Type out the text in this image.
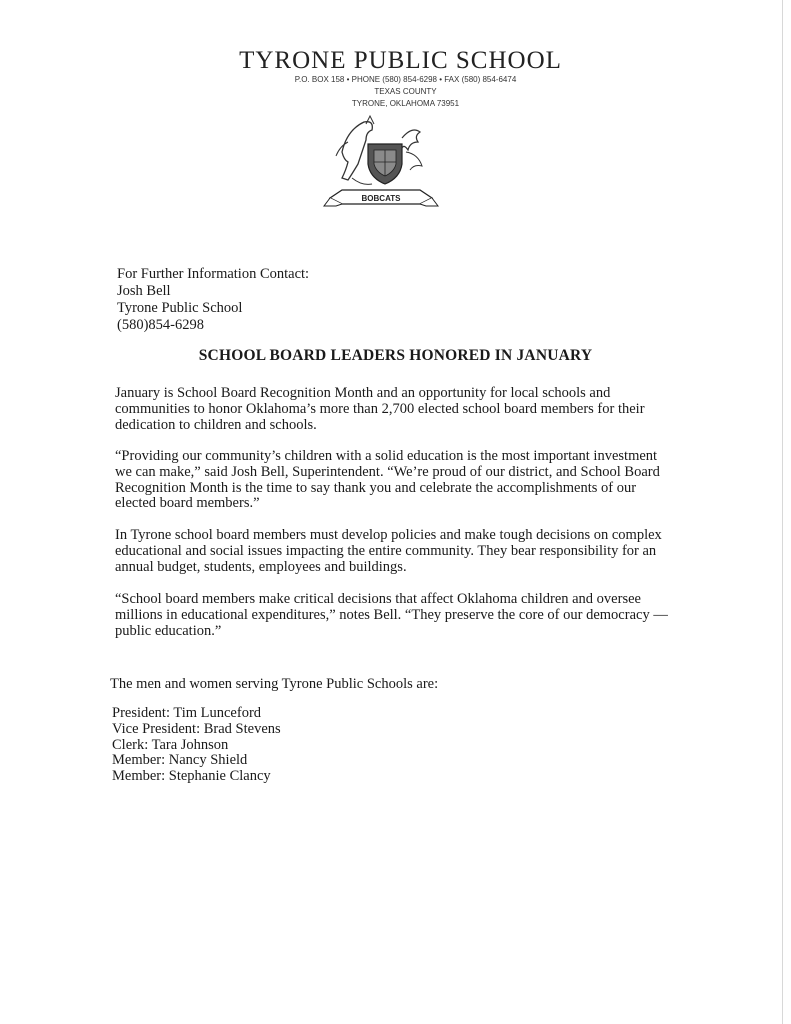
TYRONE PUBLIC SCHOOL
P.O. BOX 158 • PHONE (580) 854-6298 • FAX (580) 854-6474
TEXAS COUNTY
TYRONE, OKLAHOMA 73951
BOBCATS
For Further Information Contact:
Josh Bell
Tyrone Public School
(580)854-6298
SCHOOL BOARD LEADERS HONORED IN JANUARY
January is School Board Recognition Month and an opportunity for local schools and communities to honor Oklahoma’s more than 2,700 elected school board members for their dedication to children and schools.
“Providing our community’s children with a solid education is the most important investment we can make,” said Josh Bell, Superintendent. “We’re proud of our district, and School Board Recognition Month is the time to say thank you and celebrate the accomplishments of our elected board members.”
In Tyrone school board members must develop policies and make tough decisions on complex educational and social issues impacting the entire community. They bear responsibility for an annual budget, students, employees and buildings.
“School board members make critical decisions that affect Oklahoma children and oversee millions in educational expenditures,” notes Bell. “They preserve the core of our democracy —public education.”
The men and women serving Tyrone Public Schools are:
President: Tim Lunceford
Vice President: Brad Stevens
Clerk: Tara Johnson
Member: Nancy Shield
Member: Stephanie Clancy
